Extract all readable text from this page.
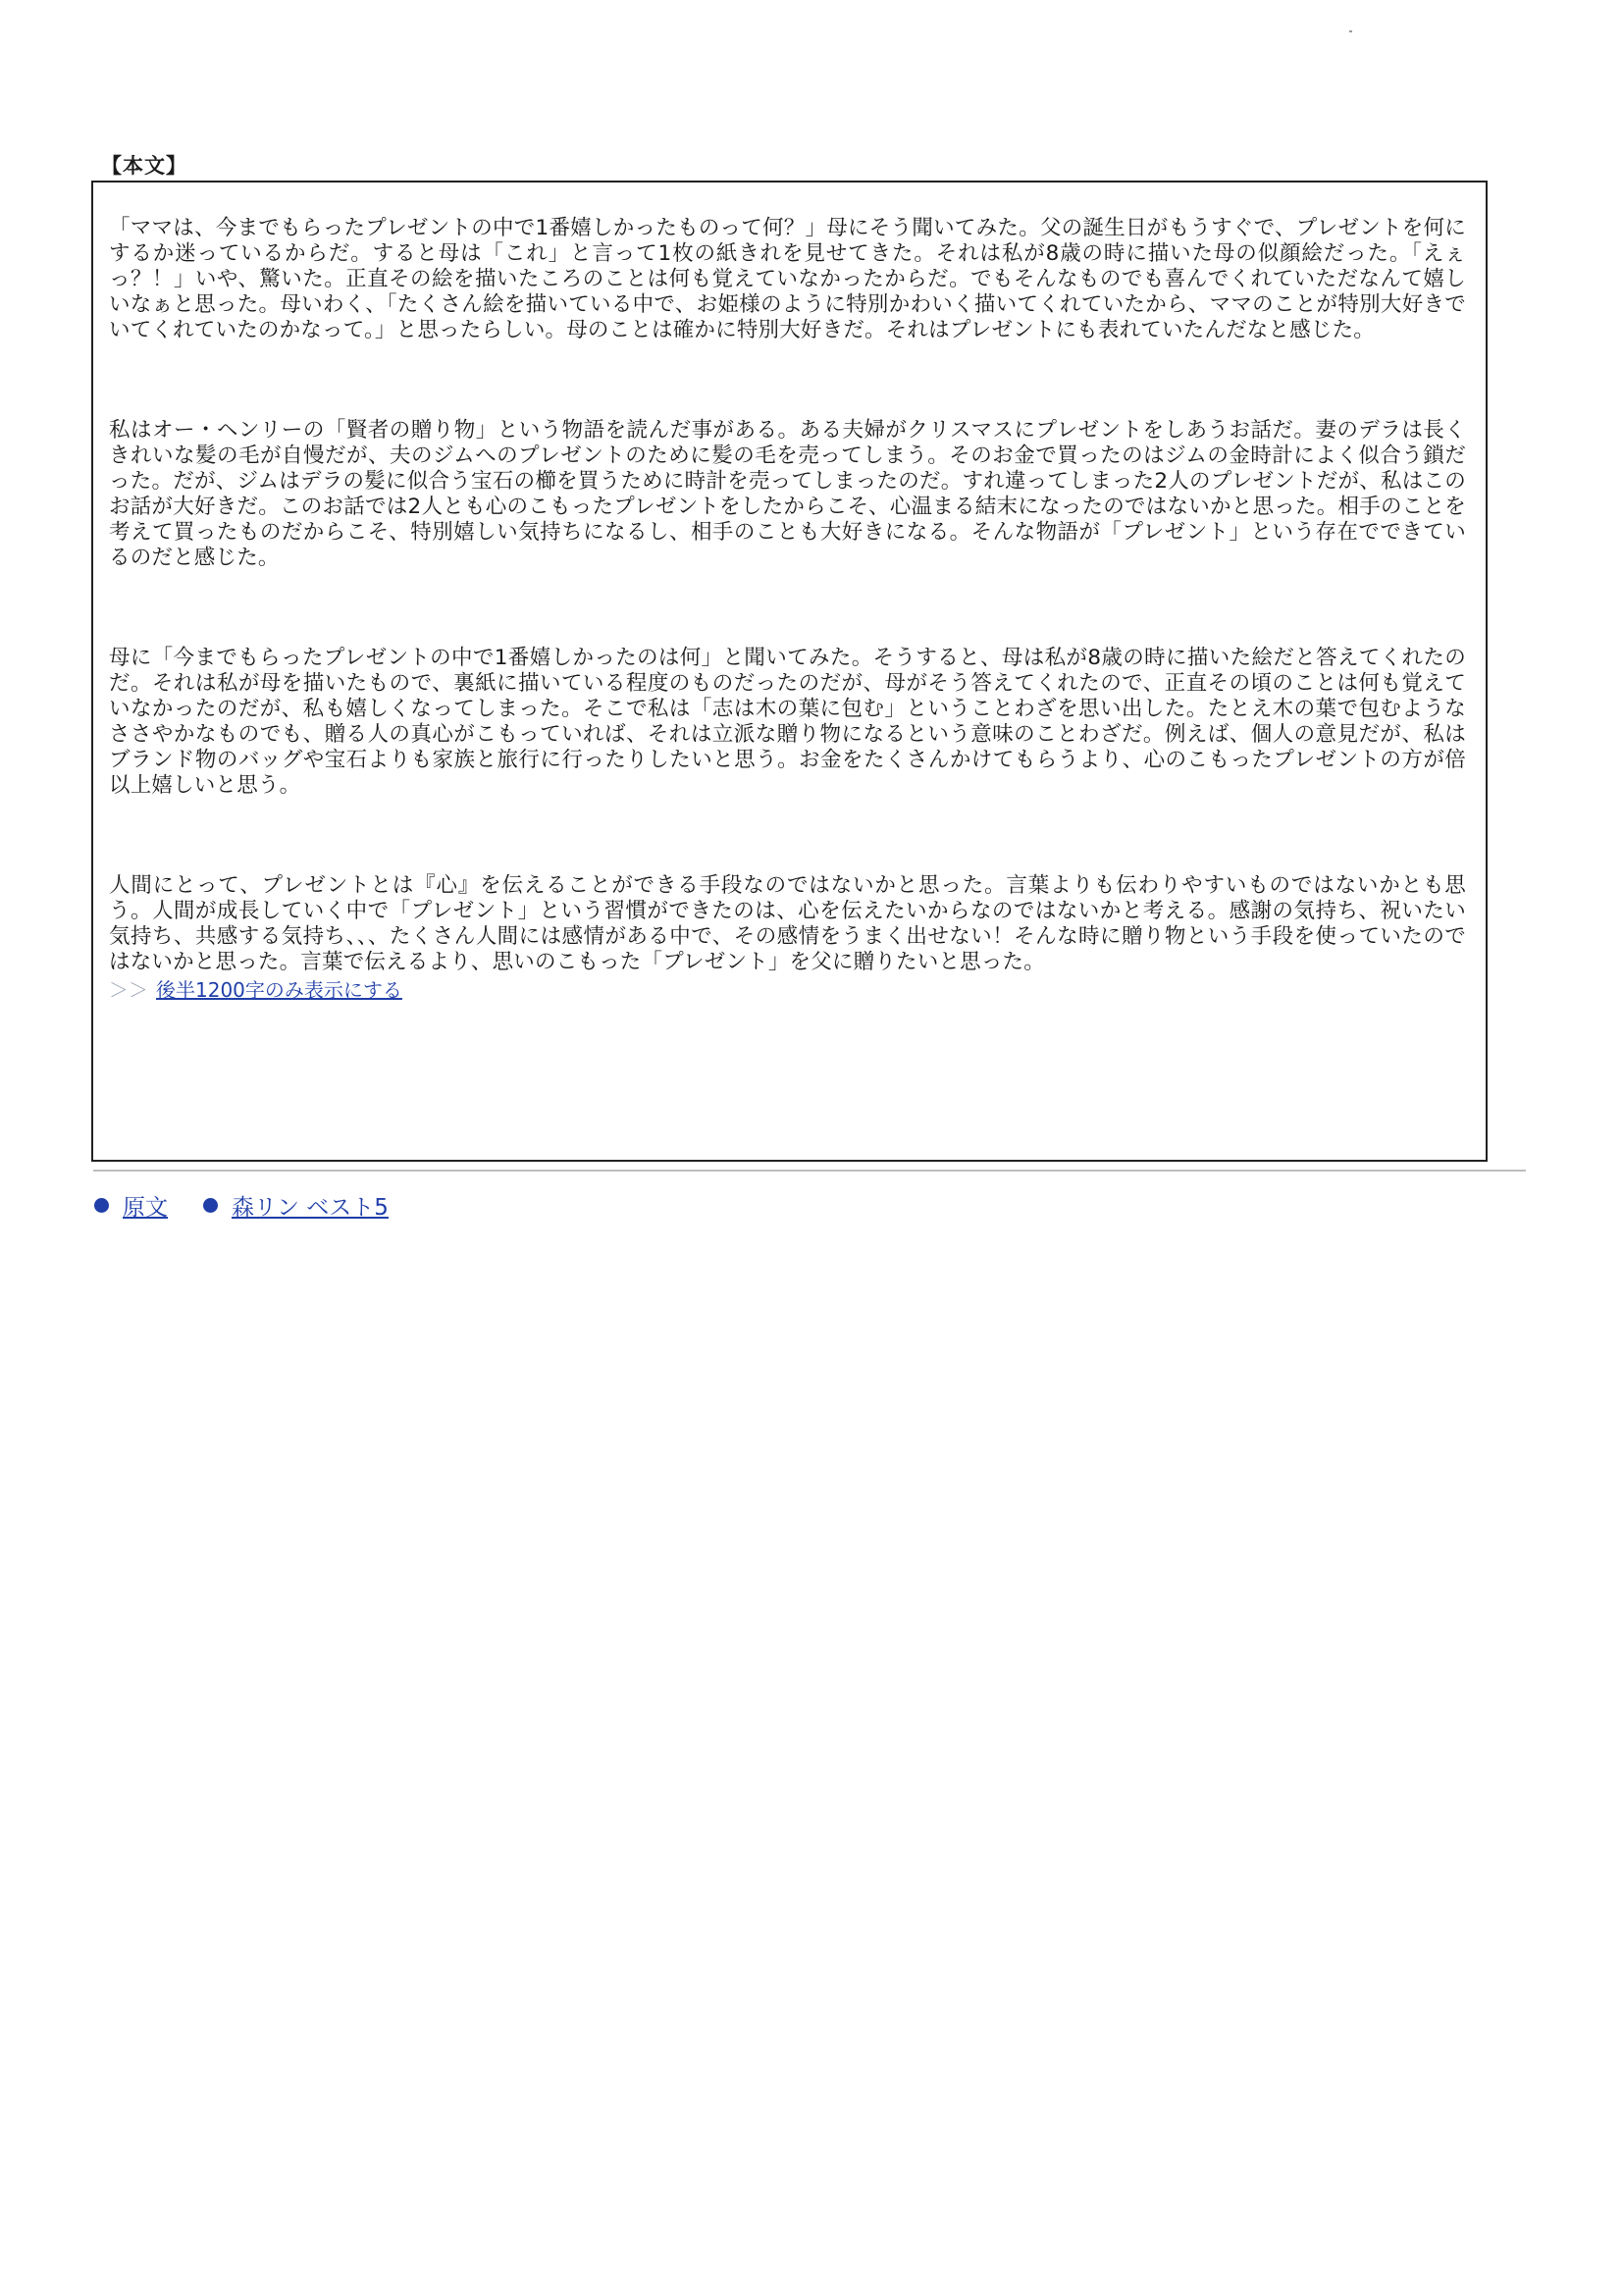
【本文】

「ママは、今までもらったプレゼントの中で1番嬉しかったものって何？」母にそう聞いてみた。父の誕生日がもうすぐで、プレゼントを何にするか迷っているからだ。すると母は「これ」と言って1枚の紙きれを見せてきた。それは私が8歳の時に描いた母の似顔絵だった。「えぇっ？！」いや、驚いた。正直その絵を描いたころのことは何も覚えていなかったからだ。でもそんなものでも喜んでくれていただなんて嬉しいなぁと思った。母いわく、「たくさん絵を描いている中で、お姫様のように特別かわいく描いてくれていたから、ママのことが特別大好きでいてくれていたのかなって。」と思ったらしい。母のことは確かに特別大好きだ。それはプレゼントにも表れていたんだなと感じた。

私はオー・ヘンリーの「賢者の贈り物」という物語を読んだ事がある。ある夫婦がクリスマスにプレゼントをしあうお話だ。妻のデラは長くきれいな髪の毛が自慢だが、夫のジムへのプレゼントのために髪の毛を売ってしまう。そのお金で買ったのはジムの金時計によく似合う鎖だった。だが、ジムはデラの髪に似合う宝石の櫛を買うために時計を売ってしまったのだ。すれ違ってしまった2人のプレゼントだが、私はこのお話が大好きだ。このお話では2人とも心のこもったプレゼントをしたからこそ、心温まる結末になったのではないかと思った。相手のことを考えて買ったものだからこそ、特別嬉しい気持ちになるし、相手のことも大好きになる。そんな物語が「プレゼント」という存在でできているのだと感じた。

母に「今までもらったプレゼントの中で1番嬉しかったのは何」と聞いてみた。そうすると、母は私が8歳の時に描いた絵だと答えてくれたのだ。それは私が母を描いたもので、裏紙に描いている程度のものだったのだが、母がそう答えてくれたので、正直その頃のことは何も覚えていなかったのだが、私も嬉しくなってしまった。そこで私は「志は木の葉に包む」ということわざを思い出した。たとえ木の葉で包むようなささやかなものでも、贈る人の真心がこもっていれば、それは立派な贈り物になるという意味のことわざだ。例えば、個人の意見だが、私はブランド物のバッグや宝石よりも家族と旅行に行ったりしたいと思う。お金をたくさんかけてもらうより、心のこもったプレゼントの方が倍以上嬉しいと思う。

人間にとって、プレゼントとは『心』を伝えることができる手段なのではないかと思った。言葉よりも伝わりやすいものではないかとも思う。人間が成長していく中で「プレゼント」という習慣ができたのは、心を伝えたいからなのではないかと考える。感謝の気持ち、祝いたい気持ち、共感する気持ち、、、たくさん人間には感情がある中で、その感情をうまく出せない！そんな時に贈り物という手段を使っていたのではないかと思った。言葉で伝えるより、思いのこもった「プレゼント」を父に贈りたいと思った。

＞＞ 後半1200字のみ表示にする
原文	森リン ベスト5
